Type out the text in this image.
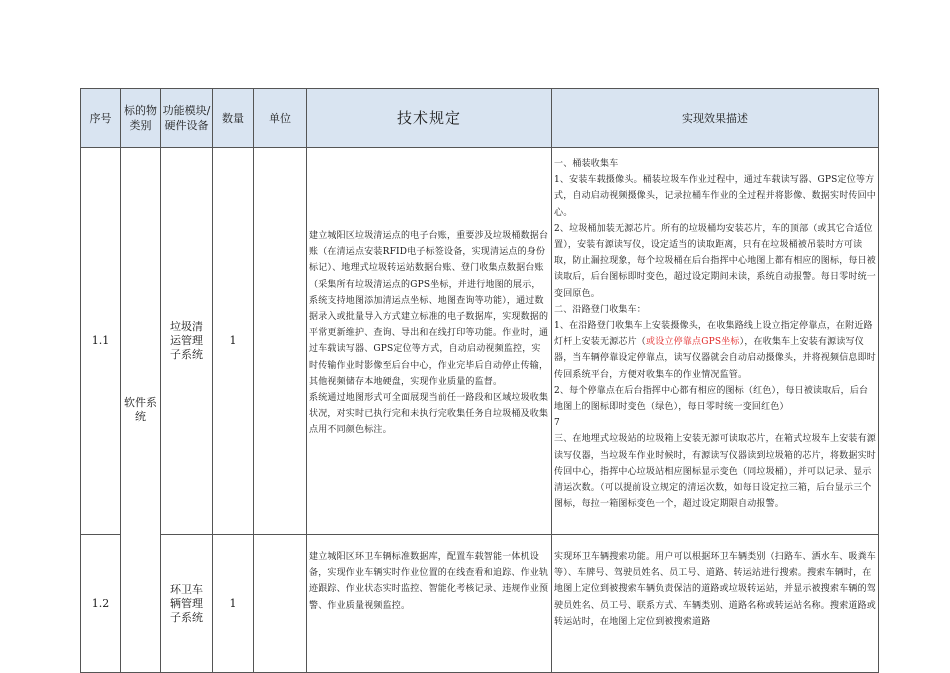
序号
标的物类别
功能模块/硬件设备
数量 单位	技术规定	实现效果描述
软件系统
1.1
垃圾清运管理子系统
1

建立城阳区垃圾清运点的电子台账，重要涉及垃圾桶数据台账（在清运点安装RFID电子标签设备，实现清运点的身份标记）、地理式垃圾转运站数据台账、登门收集点数据台账（采集所有垃圾清运点的GPS坐标，并进行地图的展示，系统支持地图添加清运点坐标、地图查询等功能），通过数据录入或批量导入方式建立标准的电子数据库，实现数据的平常更新维护、查询、导出和在线打印等功能。作业时，通过车载读写器、GPS定位等方式，自动启动视频监控，实时传输作业时影像至后台中心，作业完毕后自动停止传输，其他视频储存本地硬盘，实现作业质量的监督。

系统通过地图形式可全面展现当前任一路段和区域垃圾收集状况，对实时已执行完和未执行完收集任务自垃圾桶及收集点用不同颜色标注。

一、桶装收集车

1、安装车载摄像头。桶装垃圾车作业过程中，通过车载读写器、GPS定位等方式，自动启动视频摄像头，记录拉桶车作业的全过程并将影像、数据实时传回中心。

2、垃圾桶加装无源芯片。所有的垃圾桶均安装芯片，车的顶部（或其它合适位置），安装有源读写仪，设定适当的读取距离，只有在垃圾桶被吊装时方可读取，防止漏拉现象，每个垃圾桶在后台指挥中心地图上都有相应的图标，每日被读取后，后台图标即时变色，超过设定期间未读，系统自动报警。每日零时统一变回原色。

二、沿路登门收集车：

1、在沿路登门收集车上安装摄像头，在收集路线上设立指定停靠点，在附近路灯杆上安装无源芯片（或设立停靠点GPS坐标），在收集车上安装有源读写仪器，当车辆停靠设定停靠点，读写仪器就会自动启动摄像头，并将视频信息即时传回系统平台，方便对收集车的作业情况监管。

2、每个停靠点在后台指挥中心都有相应的图标（红色），每日被读取后，后台地图上的图标即时变色（绿色），每日零时统一变回红色）

7

三、在地埋式垃圾站的垃圾箱上安装无源可读取芯片，在箱式垃圾车上安装有源读写仪器，当垃圾车作业时候时，有源读写仪器读到垃圾箱的芯片，将数据实时传回中心，指挥中心垃圾站相应图标显示变色（同垃圾桶），并可以记录、显示清运次数。（可以提前设立规定的清运次数，如每日设定拉三箱，后台显示三个图标，每拉一箱图标变色一个，超过设定期限自动报警。

1.2
环卫车辆管理子系统
1

建立城阳区环卫车辆标准数据库，配置车载智能一体机设备，实现作业车辆实时作业位置的在线查看和追踪、作业轨迹跟踪、作业状态实时监控、智能化考核记录、违规作业预警、作业质量视频监控。

实现环卫车辆搜索功能。用户可以根据环卫车辆类别（扫路车、洒水车、吸粪车等）、车牌号、驾驶员姓名、员工号、道路、转运站进行搜索。搜索车辆时，在地图上定位到被搜索车辆负责保洁的道路或垃圾转运站，并显示被搜索车辆的驾驶员姓名、员工号、联系方式、车辆类别、道路名称或转运站名称。搜索道路或转运站时，在地图上定位到被搜索道路
